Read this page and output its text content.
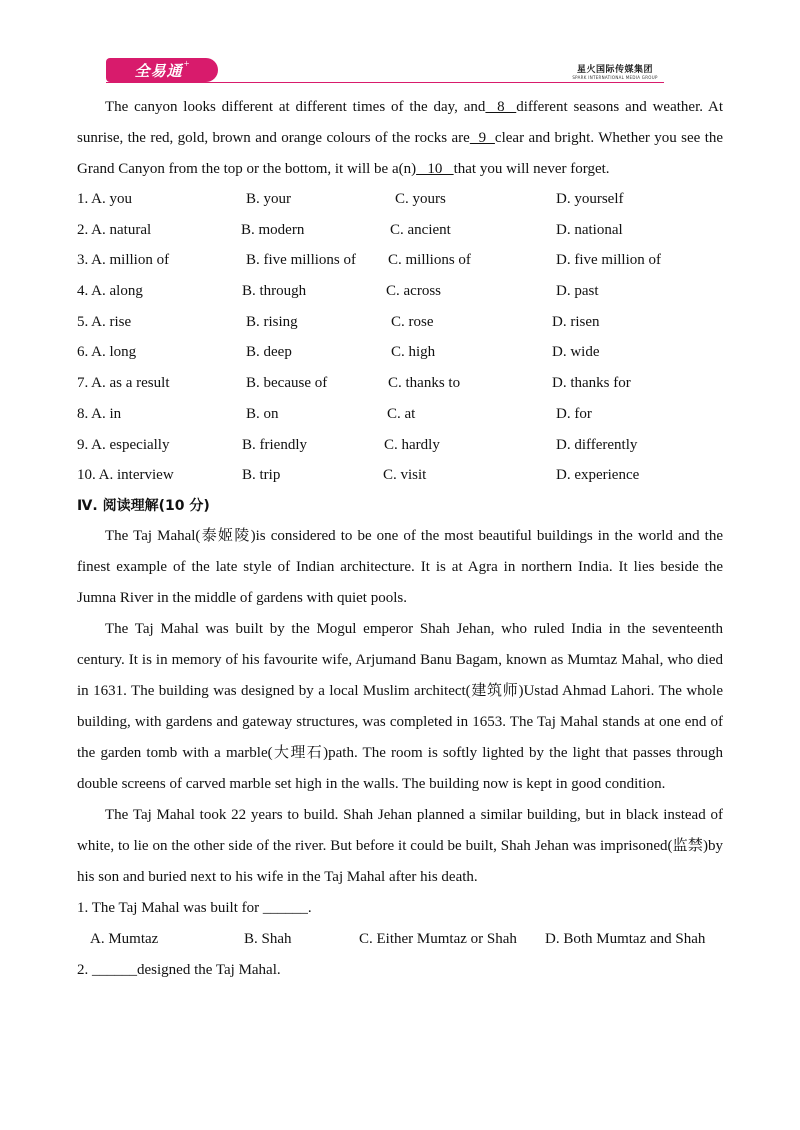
全易通 +
星火国际传媒集团
SPARK INTERNATIONAL MEDIA GROUP

The canyon looks different at different times of the day, and  8  different seasons and weather. At sunrise, the red, gold, brown and orange colours of the rocks are  9  clear and bright. Whether you see the Grand Canyon from the top or the bottom, it will be a(n)   10   that you will never forget.

1. A. you	B. your	C. yours	D. yourself
2. A. natural	B. modern	C. ancient	D. national
3. A. million of	B. five millions of C. millions of	D. five million of
4. A. along	B. through	C. across	D. past
5. A. rise	B. rising	C. rose	D. risen
6. A. long	B. deep	C. high	D. wide
7. A. as a result	B. because of	C. thanks to	D. thanks for
8. A. in	B. on	C. at	D. for
9. A. especially	B. friendly	C. hardly	D. differently
10. A. interview	B. trip	C. visit	D. experience

Ⅳ. 阅读理解(10 分)

The Taj Mahal(泰姬陵)is considered to be one of the most beautiful buildings in the world and the finest example of the late style of Indian architecture. It is at Agra in northern India. It lies beside the Jumna River in the middle of gardens with quiet pools.

The Taj Mahal was built by the Mogul emperor Shah Jehan, who ruled India in the seventeenth century. It is in memory of his favourite wife, Arjumand Banu Bagam, known as Mumtaz Mahal, who died in 1631. The building was designed by a local Muslim architect(建筑师)Ustad Ahmad Lahori. The whole building, with gardens and gateway structures, was completed in 1653. The Taj Mahal stands at one end of the garden tomb with a marble(大理石)path. The room is softly lighted by the light that passes through double screens of carved marble set high in the walls. The building now is kept in good condition.

The Taj Mahal took 22 years to build. Shah Jehan planned a similar building, but in black instead of white, to lie on the other side of the river. But before it could be built, Shah Jehan was imprisoned(监禁)by his son and buried next to his wife in the Taj Mahal after his death.

1. The Taj Mahal was built for ______.

A. Mumtaz	B. Shah	C. Either Mumtaz or Shah D. Both Mumtaz and Shah

2. ______designed the Taj Mahal.
